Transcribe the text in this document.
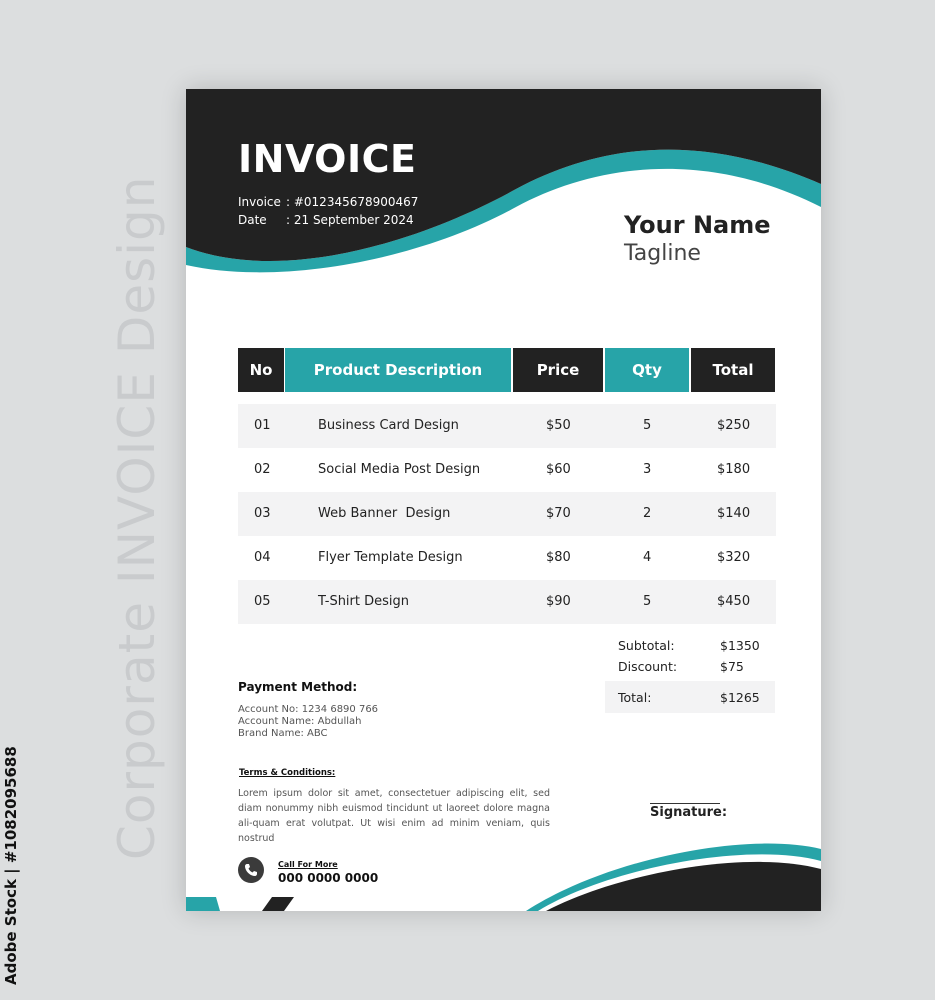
Corporate INVOICE Design
Adobe Stock | #1082095688
INVOICE
Invoice : #012345678900467
Date : 21 September 2024	Your Name
Tagline
No	Product Description	Price	Qty	Total
01	Business Card Design	$50	5	$250
02	Social Media Post Design	$60	3	$180
03	Web Banner  Design	$70	2	$140
04	Flyer Template Design	$80	4	$320
05	T-Shirt Design	$90	5	$450
Subtotal:	$1350
Discount:	$75
Total:	$1265
Payment Method:
Account No: 1234 6890 766
Account Name: Abdullah
Brand Name: ABC
Terms & Conditions:
Lorem ipsum dolor sit amet, consectetuer adipiscing elit, sed diam nonummy nibh euismod tincidunt ut laoreet dolore magna ali-quam erat volutpat. Ut wisi enim ad minim veniam, quis nostrud
Signature:
Call For More
000 0000 0000
